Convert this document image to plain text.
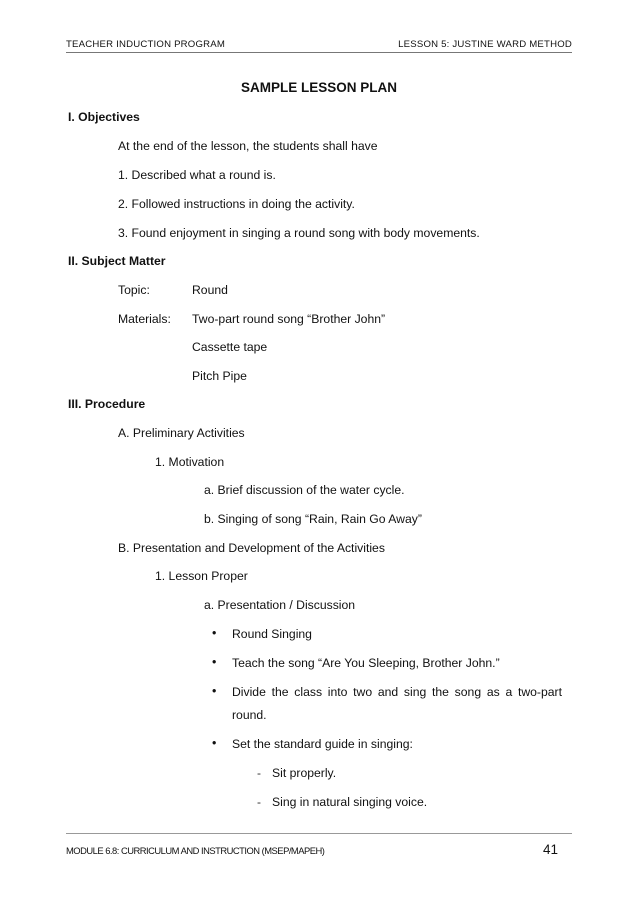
TEACHER INDUCTION PROGRAM	LESSON 5: JUSTINE WARD METHOD
SAMPLE LESSON PLAN
I. Objectives
At the end of the lesson, the students shall have
1. Described what a round is.
2. Followed instructions in doing the activity.
3. Found enjoyment in singing a round song with body movements.
II. Subject Matter
Topic:	Round
Materials: Two-part round song “Brother John”
Cassette tape
Pitch Pipe
III. Procedure
A. Preliminary Activities
1. Motivation
a. Brief discussion of the water cycle.
b. Singing of song “Rain, Rain Go Away”
B. Presentation and Development of the Activities
1. Lesson Proper
a. Presentation / Discussion
• Round Singing
• Teach the song “Are You Sleeping, Brother John.”
• Divide the class into two and sing the song as a two-part
round.
• Set the standard guide in singing:
- Sit properly.
- Sing in natural singing voice.
MODULE 6.8: CURRICULUM AND INSTRUCTION (MSEP/MAPEH)	41
